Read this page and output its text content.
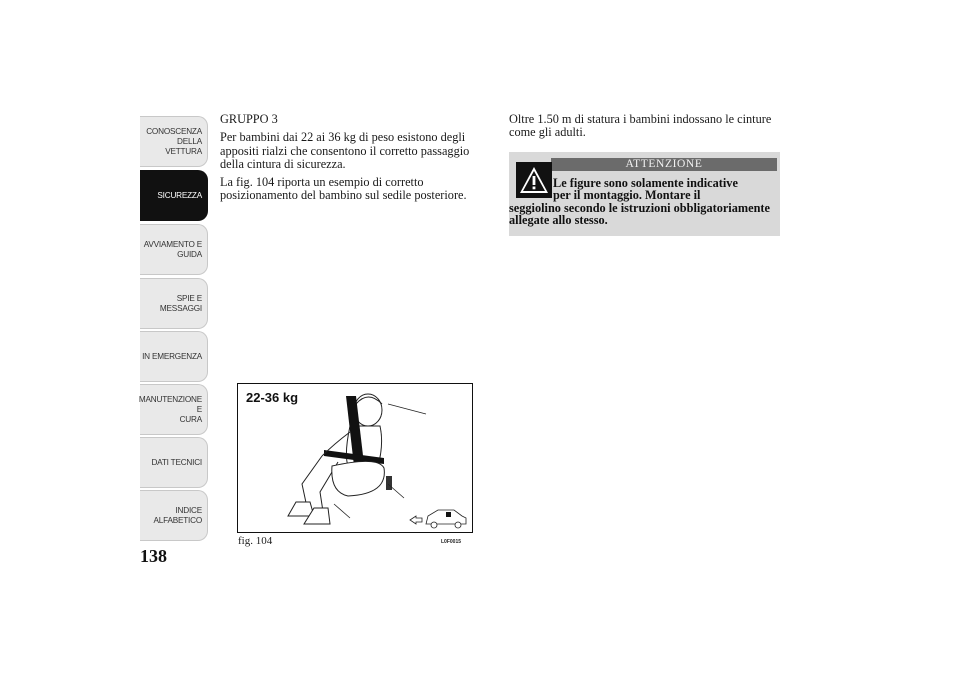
CONOSCENZA
DELLA VETTURA
SICUREZZA
AVVIAMENTO E
GUIDA
SPIE E MESSAGGI
IN EMERGENZA
MANUTENZIONE E
CURA
DATI TECNICI
INDICE
ALFABETICO
138

GRUPPO 3

Per bambini dai 22 ai 36 kg di peso esistono degli appositi rialzi che consentono il corretto passaggio della cintura di sicurezza.

La fig. 104 riporta un esempio di corretto posizionamento del bambino sul sedile posteriore.

Oltre 1.50 m di statura i bambini indossano le cinture come gli adulti.

ATTENZIONE
Le figure sono solamente indicative
per il montaggio. Montare il
seggiolino secondo le istruzioni obbligatoriamente allegate allo stesso.
22-36 kg
fig. 104	L0F0015
